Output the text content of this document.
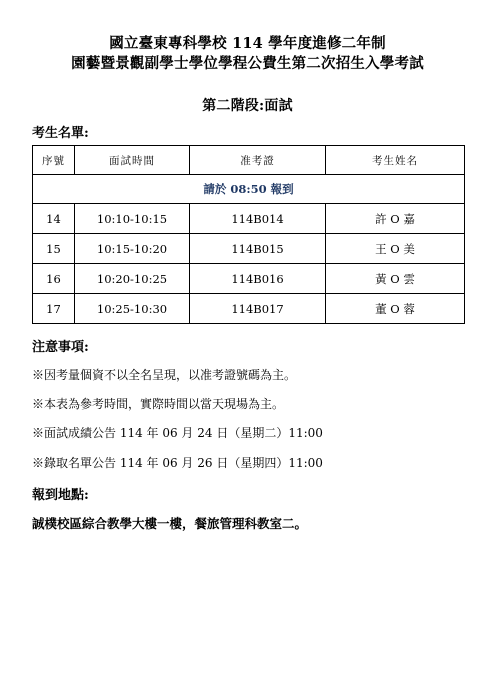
國立臺東專科學校 114 學年度進修二年制
園藝暨景觀副學士學位學程公費生第二次招生入學考試
第二階段:面試
考生名單:
序號	面試時間	准考證	考生姓名
請於 08:50 報到			
14	10:10-10:15	114B014	許 O 嘉
15	10:15-10:20	114B015	王 O 美
16	10:20-10:25	114B016	黃 O 雲
17	10:25-10:30	114B017	董 O 蓉
注意事項:
※因考量個資不以全名呈現，以准考證號碼為主。
※本表為參考時間，實際時間以當天現場為主。
※面試成績公告 114 年 06 月 24 日（星期二）11:00
※錄取名單公告 114 年 06 月 26 日（星期四）11:00
報到地點:
誠樸校區綜合教學大樓一樓，餐旅管理科教室二。
